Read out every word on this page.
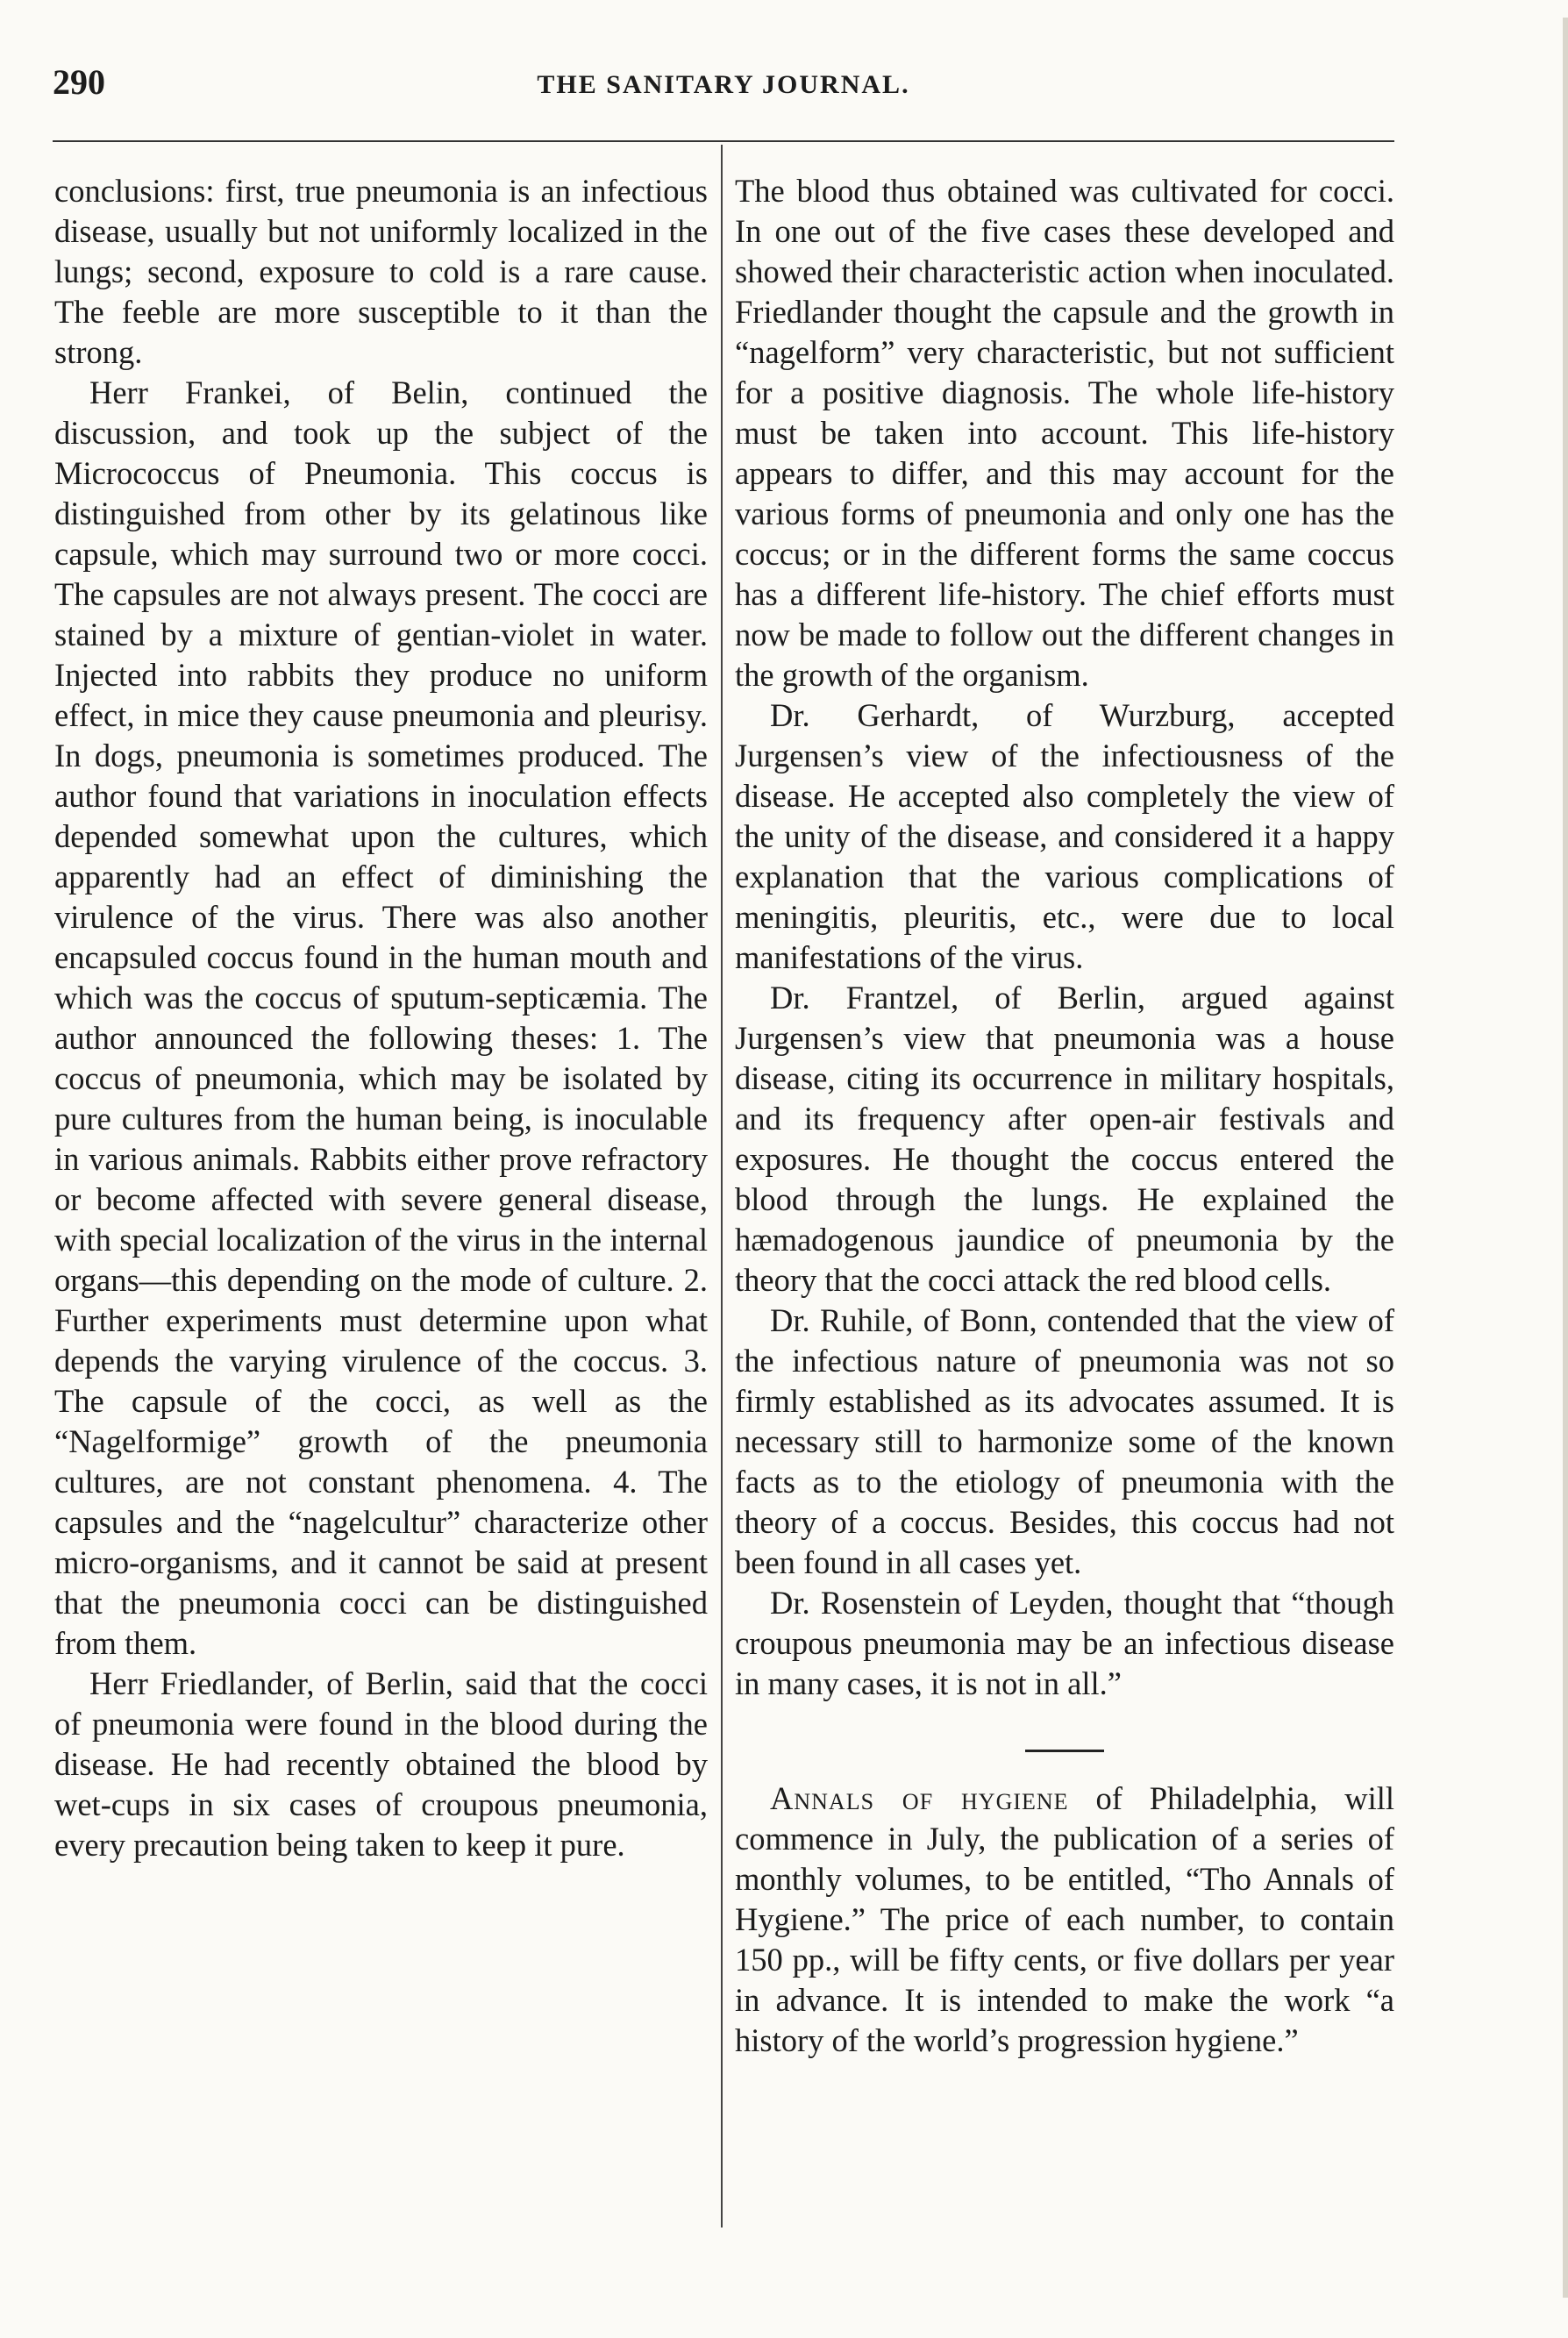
290	THE SANITARY JOURNAL.

conclusions: first, true pneumonia is an infectious disease, usually but not uniformly localized in the lungs; second, exposure to cold is a rare cause. The feeble are more susceptible to it than the strong.

Herr Frankei, of Belin, continued the discussion, and took up the subject of the Micrococcus of Pneumonia. This coccus is distinguished from other by its gelatinous like capsule, which may surround two or more cocci. The capsules are not always present. The cocci are stained by a mixture of gentian-violet in water. Injected into rabbits they produce no uniform effect, in mice they cause pneumonia and pleurisy. In dogs, pneumonia is sometimes produced. The author found that variations in inoculation effects depended somewhat upon the cultures, which apparently had an effect of diminishing the virulence of the virus. There was also another encapsuled coccus found in the human mouth and which was the coccus of sputum-septicæmia. The author announced the following theses: 1. The coccus of pneumonia, which may be isolated by pure cultures from the human being, is inoculable in various animals. Rabbits either prove refractory or become affected with severe general disease, with special localization of the virus in the internal organs—this depending on the mode of culture. 2. Further experiments must determine upon what depends the varying virulence of the coccus. 3. The capsule of the cocci, as well as the “Nagelformige” growth of the pneumonia cultures, are not constant phenomena. 4. The capsules and the “nagelcultur” characterize other micro-organisms, and it cannot be said at present that the pneumonia cocci can be distinguished from them.

Herr Friedlander, of Berlin, said that the cocci of pneumonia were found in the blood during the disease. He had recently obtained the blood by wet-cups in six cases of croupous pneumonia, every precaution being taken to keep it pure.

The blood thus obtained was cultivated for cocci. In one out of the five cases these developed and showed their characteristic action when inoculated. Friedlander thought the capsule and the growth in “nagelform” very characteristic, but not sufficient for a positive diagnosis. The whole life-history must be taken into account. This life-history appears to differ, and this may account for the various forms of pneumonia and only one has the coccus; or in the different forms the same coccus has a different life-history. The chief efforts must now be made to follow out the different changes in the growth of the organism.

Dr. Gerhardt, of Wurzburg, accepted Jurgensen’s view of the infectiousness of the disease. He accepted also completely the view of the unity of the disease, and considered it a happy explanation that the various complications of meningitis, pleuritis, etc., were due to local manifestations of the virus.

Dr. Frantzel, of Berlin, argued against Jurgensen’s view that pneumonia was a house disease, citing its occurrence in military hospitals, and its frequency after open-air festivals and exposures. He thought the coccus entered the blood through the lungs. He explained the hæmadogenous jaundice of pneumonia by the theory that the cocci attack the red blood cells.

Dr. Ruhile, of Bonn, contended that the view of the infectious nature of pneumonia was not so firmly established as its advocates assumed. It is necessary still to harmonize some of the known facts as to the etiology of pneumonia with the theory of a coccus. Besides, this coccus had not been found in all cases yet.

Dr. Rosenstein of Leyden, thought that “though croupous pneumonia may be an infectious disease in many cases, it is not in all.”

Annals of hygiene of Philadelphia, will commence in July, the publication of a series of monthly volumes, to be entitled, “Tho Annals of Hygiene.” The price of each number, to contain 150 pp., will be fifty cents, or five dollars per year in advance. It is intended to make the work “a history of the world’s progression hygiene.”
